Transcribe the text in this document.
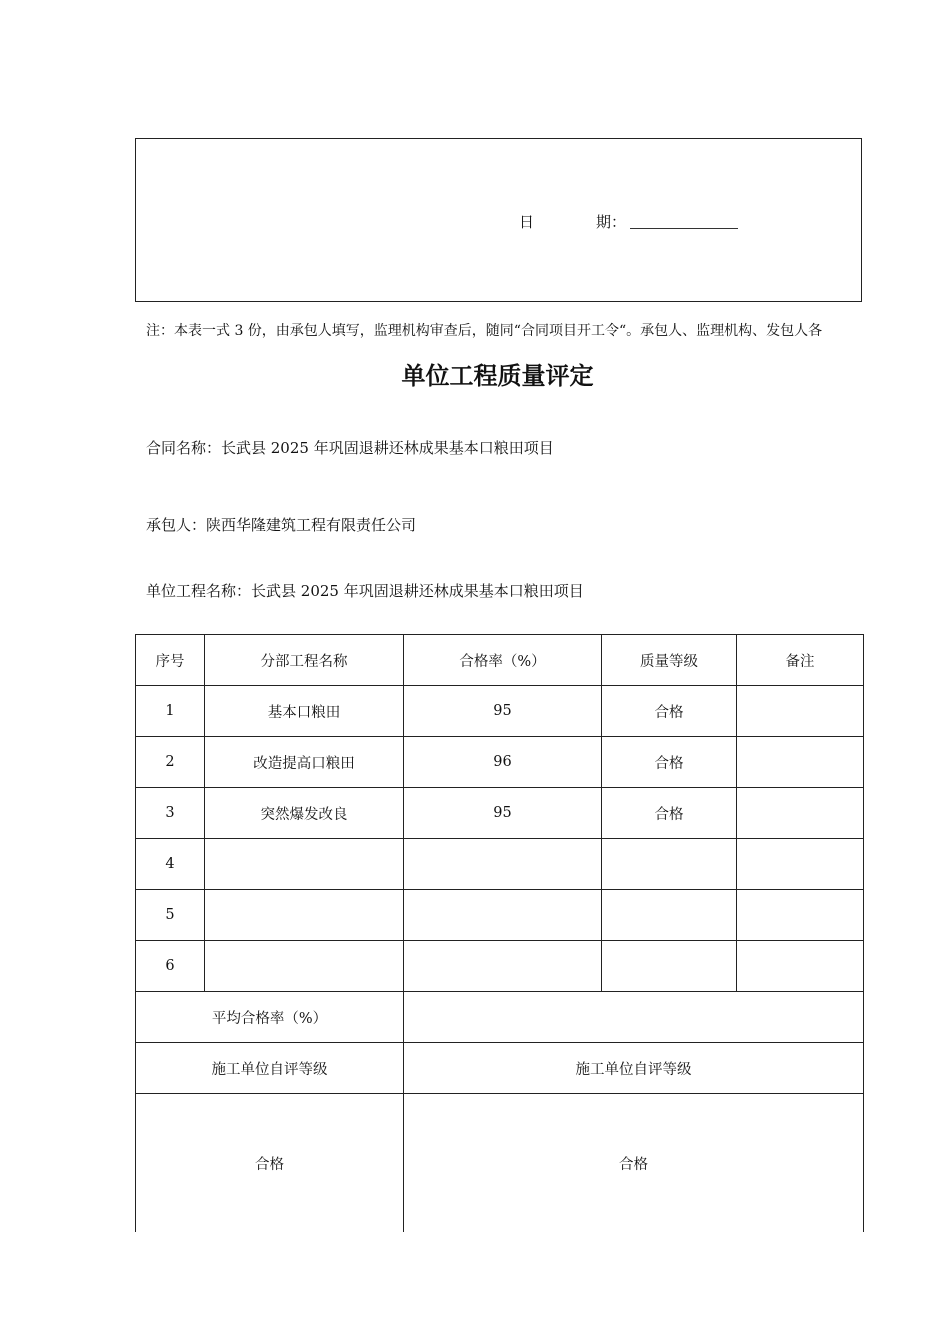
日	期：
注：本表一式 3 份，由承包人填写，监理机构审查后，随同“合同项目开工令“。承包人、监理机构、发包人各
单位工程质量评定
合同名称：长武县 2025 年巩固退耕还林成果基本口粮田项目
承包人：陕西华隆建筑工程有限责任公司
单位工程名称：长武县 2025 年巩固退耕还林成果基本口粮田项目
序号	分部工程名称	合格率（%）	质量等级	备注
1	基本口粮田	95	合格	
2	改造提高口粮田	96	合格	
3	突然爆发改良	95	合格	
4				
5				
6				
平均合格率（%）				
施工单位自评等级		施工单位自评等级		
合格		合格		
